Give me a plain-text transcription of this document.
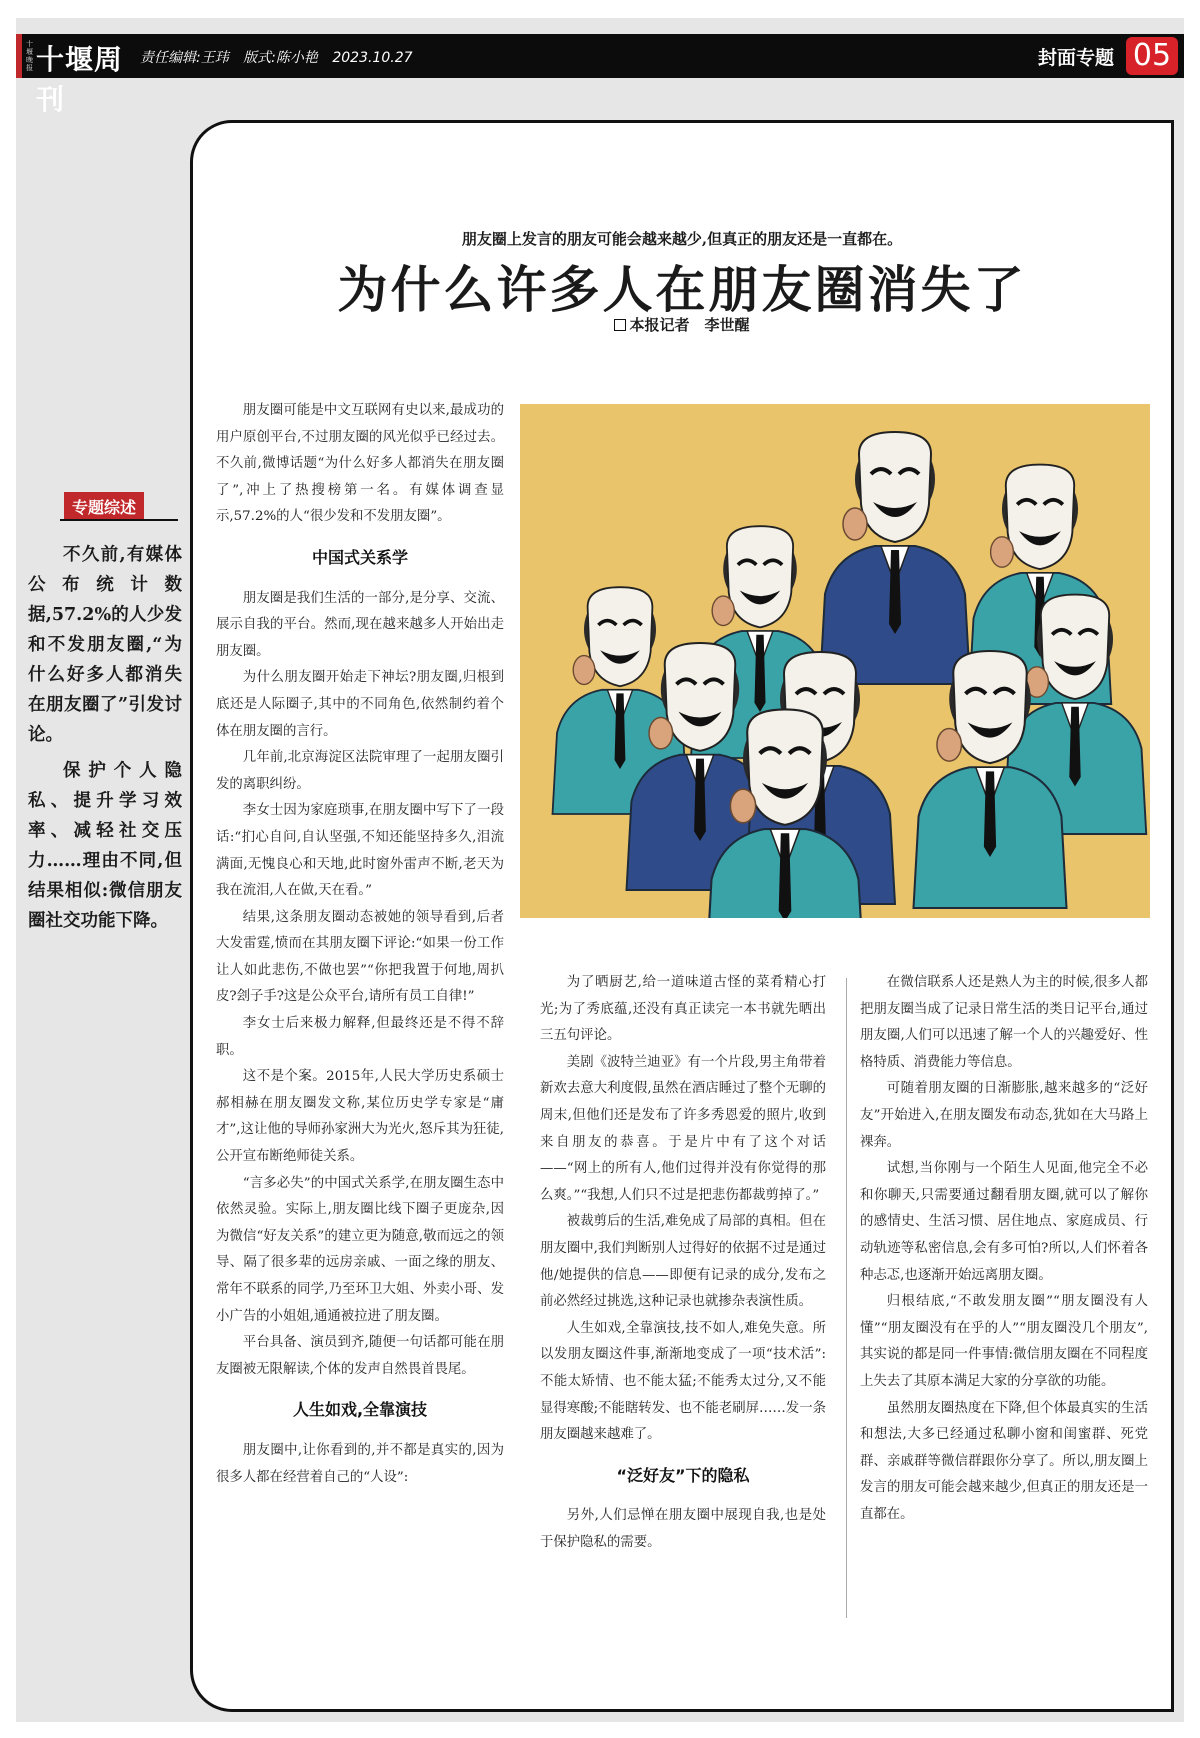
十堰晚报 十堰周刊
责任编辑:王玮 版式:陈小艳 2023.10.27	封面专题 05
朋友圈上发言的朋友可能会越来越少,但真正的朋友还是一直都在。
为什么许多人在朋友圈消失了
本报记者　李世醒
专题综述

不久前,有媒体公布统计数据,57.2%的人少发和不发朋友圈,“为什么好多人都消失在朋友圈了”引发讨论。

保护个人隐私、提升学习效率、减轻社交压力……理由不同,但结果相似:微信朋友圈社交功能下降。

朋友圈可能是中文互联网有史以来,最成功的用户原创平台,不过朋友圈的风光似乎已经过去。不久前,微博话题“为什么好多人都消失在朋友圈了”,冲上了热搜榜第一名。有媒体调查显示,57.2%的人“很少发和不发朋友圈”。

中国式关系学

朋友圈是我们生活的一部分,是分享、交流、展示自我的平台。然而,现在越来越多人开始出走朋友圈。

为什么朋友圈开始走下神坛?朋友圈,归根到底还是人际圈子,其中的不同角色,依然制约着个体在朋友圈的言行。

几年前,北京海淀区法院审理了一起朋友圈引发的离职纠纷。

李女士因为家庭琐事,在朋友圈中写下了一段话:“扪心自问,自认坚强,不知还能坚持多久,泪流满面,无愧良心和天地,此时窗外雷声不断,老天为我在流泪,人在做,天在看。”

结果,这条朋友圈动态被她的领导看到,后者大发雷霆,愤而在其朋友圈下评论:“如果一份工作让人如此悲伤,不做也罢”“你把我置于何地,周扒皮?刽子手?这是公众平台,请所有员工自律!”

李女士后来极力解释,但最终还是不得不辞职。

这不是个案。2015年,人民大学历史系硕士郝相赫在朋友圈发文称,某位历史学专家是“庸才”,这让他的导师孙家洲大为光火,怒斥其为狂徒,公开宣布断绝师徒关系。

“言多必失”的中国式关系学,在朋友圈生态中依然灵验。实际上,朋友圈比线下圈子更庞杂,因为微信“好友关系”的建立更为随意,敬而远之的领导、隔了很多辈的远房亲戚、一面之缘的朋友、常年不联系的同学,乃至环卫大姐、外卖小哥、发小广告的小姐姐,通通被拉进了朋友圈。

平台具备、演员到齐,随便一句话都可能在朋友圈被无限解读,个体的发声自然畏首畏尾。

人生如戏,全靠演技

朋友圈中,让你看到的,并不都是真实的,因为很多人都在经营着自己的“人设”:

为了晒厨艺,给一道味道古怪的菜肴精心打光;为了秀底蕴,还没有真正读完一本书就先晒出三五句评论。

美剧《波特兰迪亚》有一个片段,男主角带着新欢去意大利度假,虽然在酒店睡过了整个无聊的周末,但他们还是发布了许多秀恩爱的照片,收到来自朋友的恭喜。于是片中有了这个对话——“网上的所有人,他们过得并没有你觉得的那么爽。”“我想,人们只不过是把悲伤都裁剪掉了。”

被裁剪后的生活,难免成了局部的真相。但在朋友圈中,我们判断别人过得好的依据不过是通过他/她提供的信息——即便有记录的成分,发布之前必然经过挑选,这种记录也就掺杂表演性质。

人生如戏,全靠演技,技不如人,难免失意。所以发朋友圈这件事,渐渐地变成了一项“技术活”:不能太矫情、也不能太猛;不能秀太过分,又不能显得寒酸;不能瞎转发、也不能老刷屏……发一条朋友圈越来越难了。

“泛好友”下的隐私

另外,人们忌惮在朋友圈中展现自我,也是处于保护隐私的需要。

在微信联系人还是熟人为主的时候,很多人都把朋友圈当成了记录日常生活的类日记平台,通过朋友圈,人们可以迅速了解一个人的兴趣爱好、性格特质、消费能力等信息。

可随着朋友圈的日渐膨胀,越来越多的“泛好友”开始进入,在朋友圈发布动态,犹如在大马路上裸奔。

试想,当你刚与一个陌生人见面,他完全不必和你聊天,只需要通过翻看朋友圈,就可以了解你的感情史、生活习惯、居住地点、家庭成员、行动轨迹等私密信息,会有多可怕?所以,人们怀着各种忐忑,也逐渐开始远离朋友圈。

归根结底,“不敢发朋友圈”“朋友圈没有人懂”“朋友圈没有在乎的人”“朋友圈没几个朋友”,其实说的都是同一件事情:微信朋友圈在不同程度上失去了其原本满足大家的分享欲的功能。

虽然朋友圈热度在下降,但个体最真实的生活和想法,大多已经通过私聊小窗和闺蜜群、死党群、亲戚群等微信群跟你分享了。所以,朋友圈上发言的朋友可能会越来越少,但真正的朋友还是一直都在。
